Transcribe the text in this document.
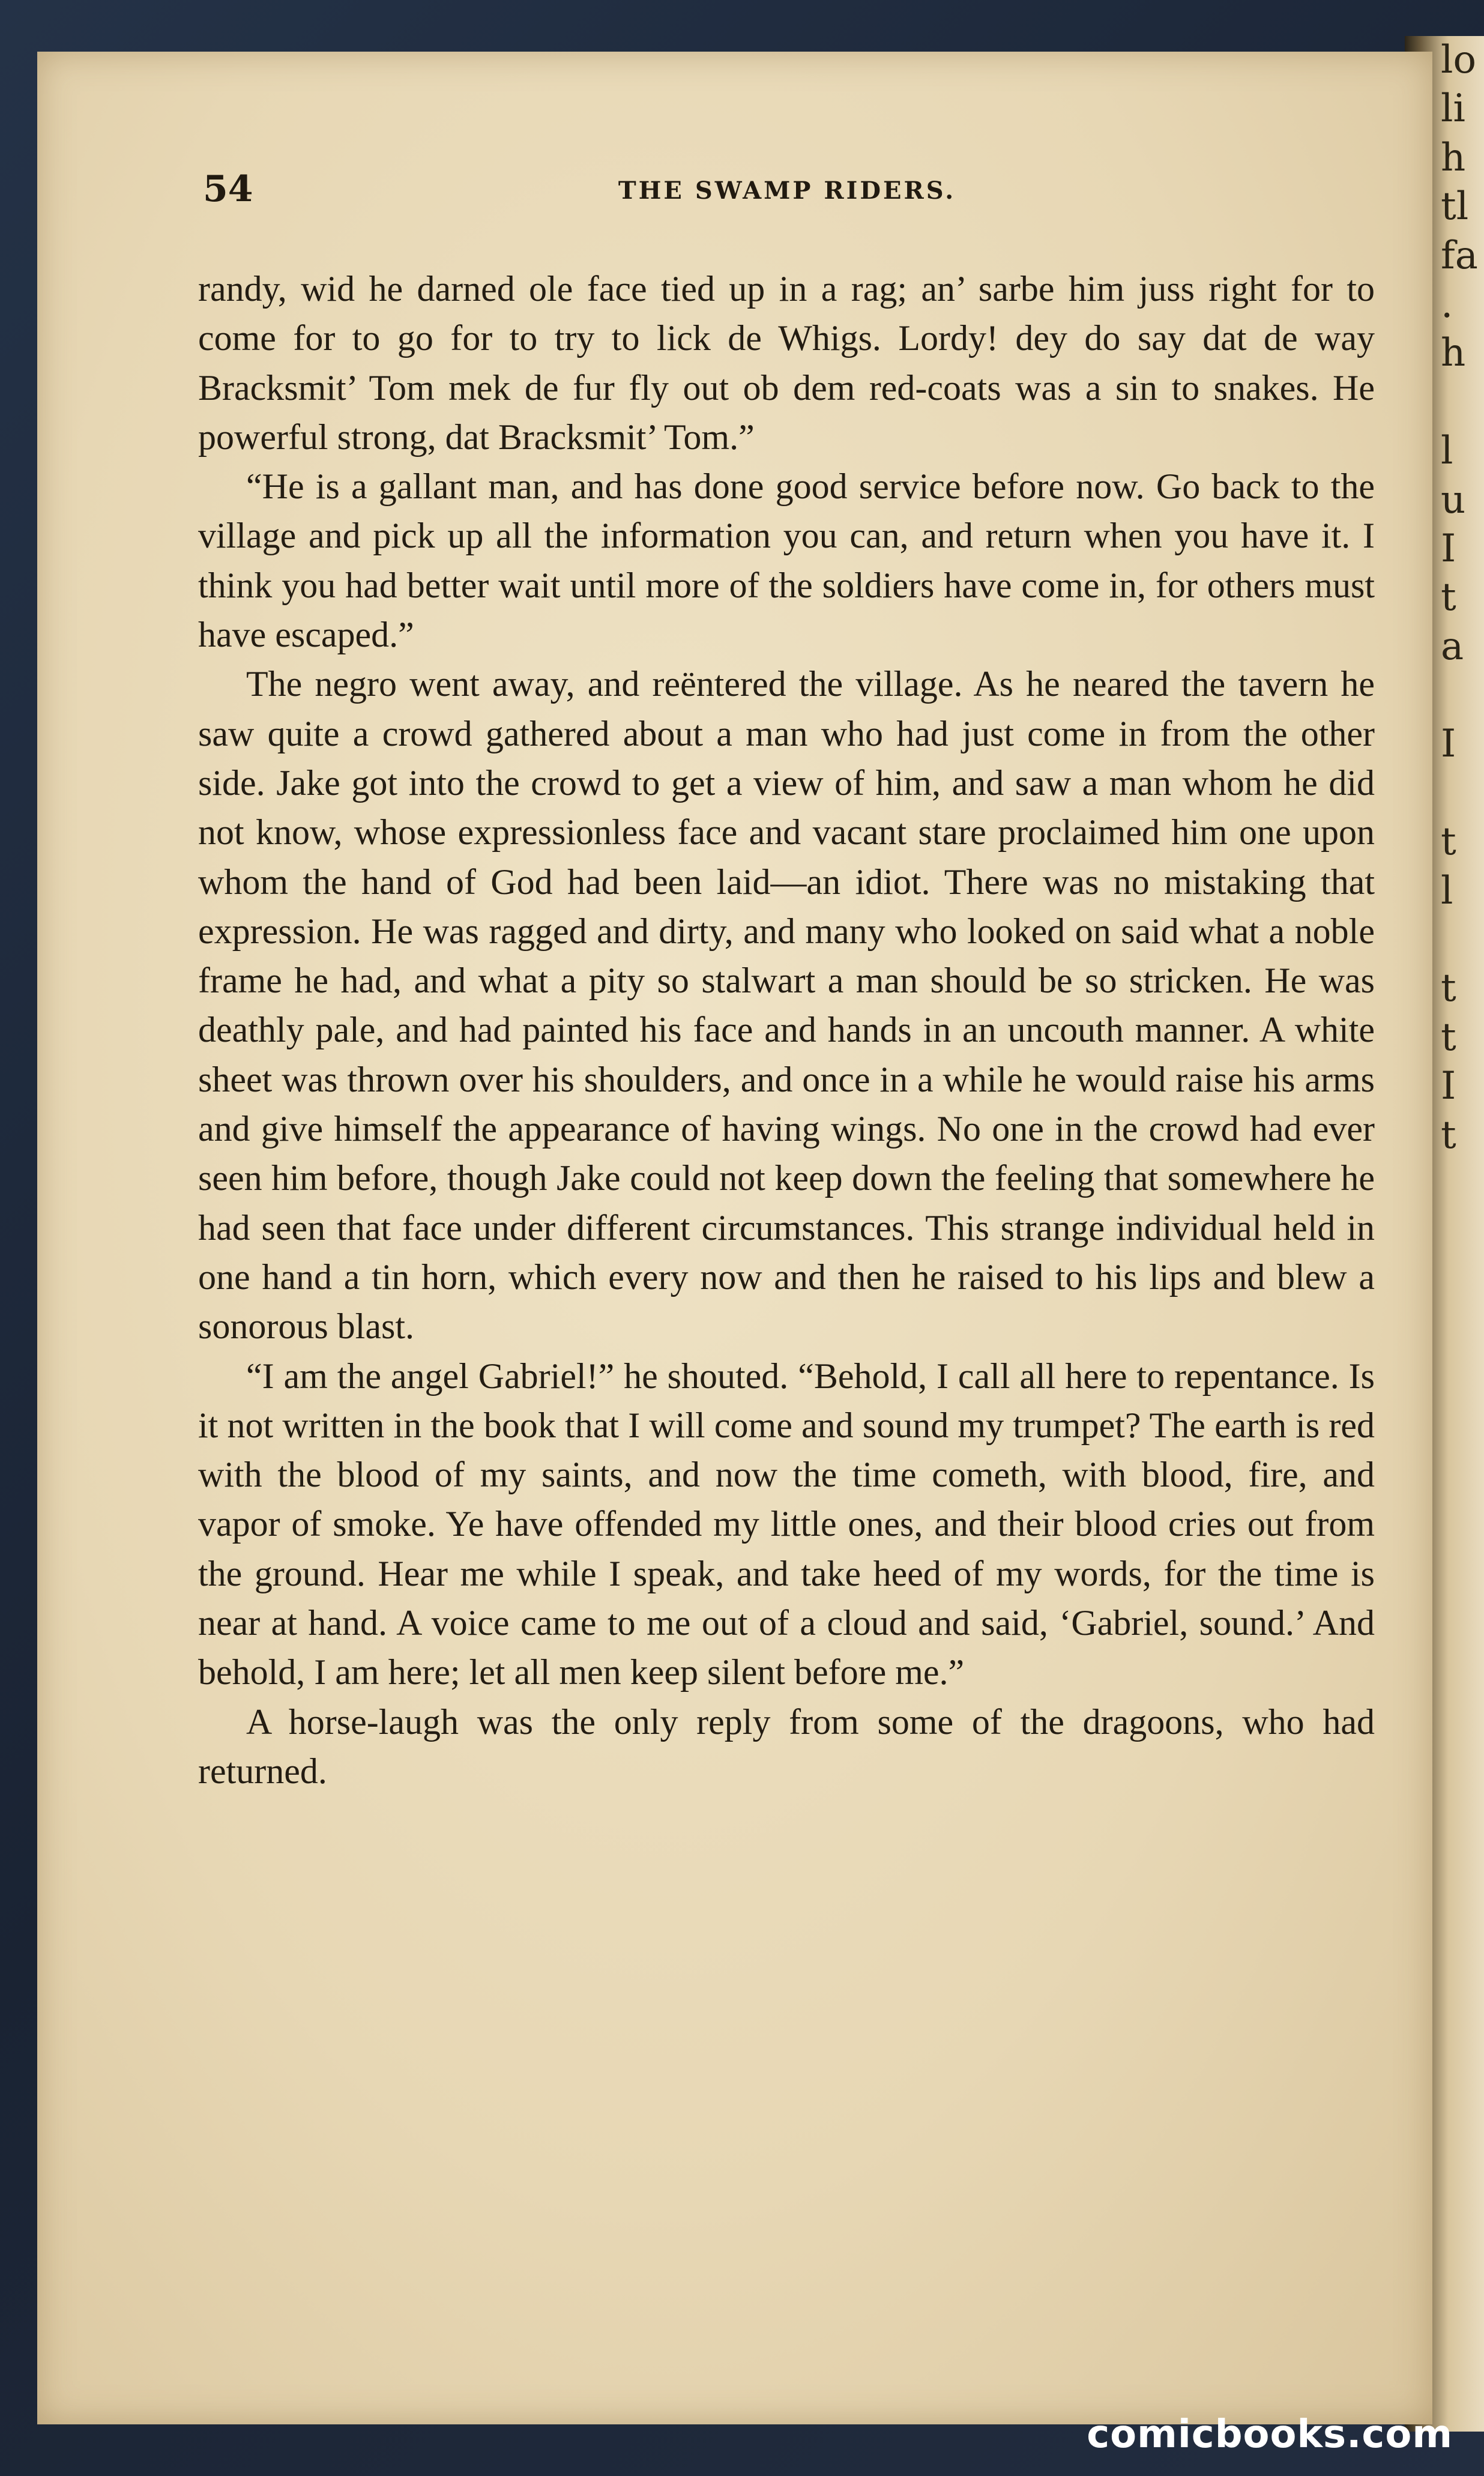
lo
li
h
tl
fa
.
h
l
u
I
t
a
I
t
l
t
t
I
t
54	THE SWAMP RIDERS.

randy, wid he darned ole face tied up in a rag; an’ sarbe him juss right for to come for to go for to try to lick de Whigs. Lordy! dey do say dat de way Bracksmit’ Tom mek de fur fly out ob dem red-coats was a sin to snakes. He powerful strong, dat Bracksmit’ Tom.”

“He is a gallant man, and has done good service before now. Go back to the village and pick up all the information you can, and return when you have it. I think you had better wait until more of the soldiers have come in, for others must have escaped.”

The negro went away, and reëntered the village. As he neared the tavern he saw quite a crowd gathered about a man who had just come in from the other side. Jake got into the crowd to get a view of him, and saw a man whom he did not know, whose expressionless face and vacant stare proclaimed him one upon whom the hand of God had been laid—an idiot. There was no mistaking that expression. He was ragged and dirty, and many who looked on said what a noble frame he had, and what a pity so stalwart a man should be so stricken. He was deathly pale, and had painted his face and hands in an uncouth manner. A white sheet was thrown over his shoulders, and once in a while he would raise his arms and give himself the appearance of having wings. No one in the crowd had ever seen him before, though Jake could not keep down the feeling that somewhere he had seen that face under different circumstances. This strange individual held in one hand a tin horn, which every now and then he raised to his lips and blew a sonorous blast.

“I am the angel Gabriel!” he shouted. “Behold, I call all here to repentance. Is it not written in the book that I will come and sound my trumpet? The earth is red with the blood of my saints, and now the time cometh, with blood, fire, and vapor of smoke. Ye have offended my little ones, and their blood cries out from the ground. Hear me while I speak, and take heed of my words, for the time is near at hand. A voice came to me out of a cloud and said, ‘Gabriel, sound.’ And behold, I am here; let all men keep silent before me.”

A horse-laugh was the only reply from some of the dragoons, who had returned.

comicbooks.com
